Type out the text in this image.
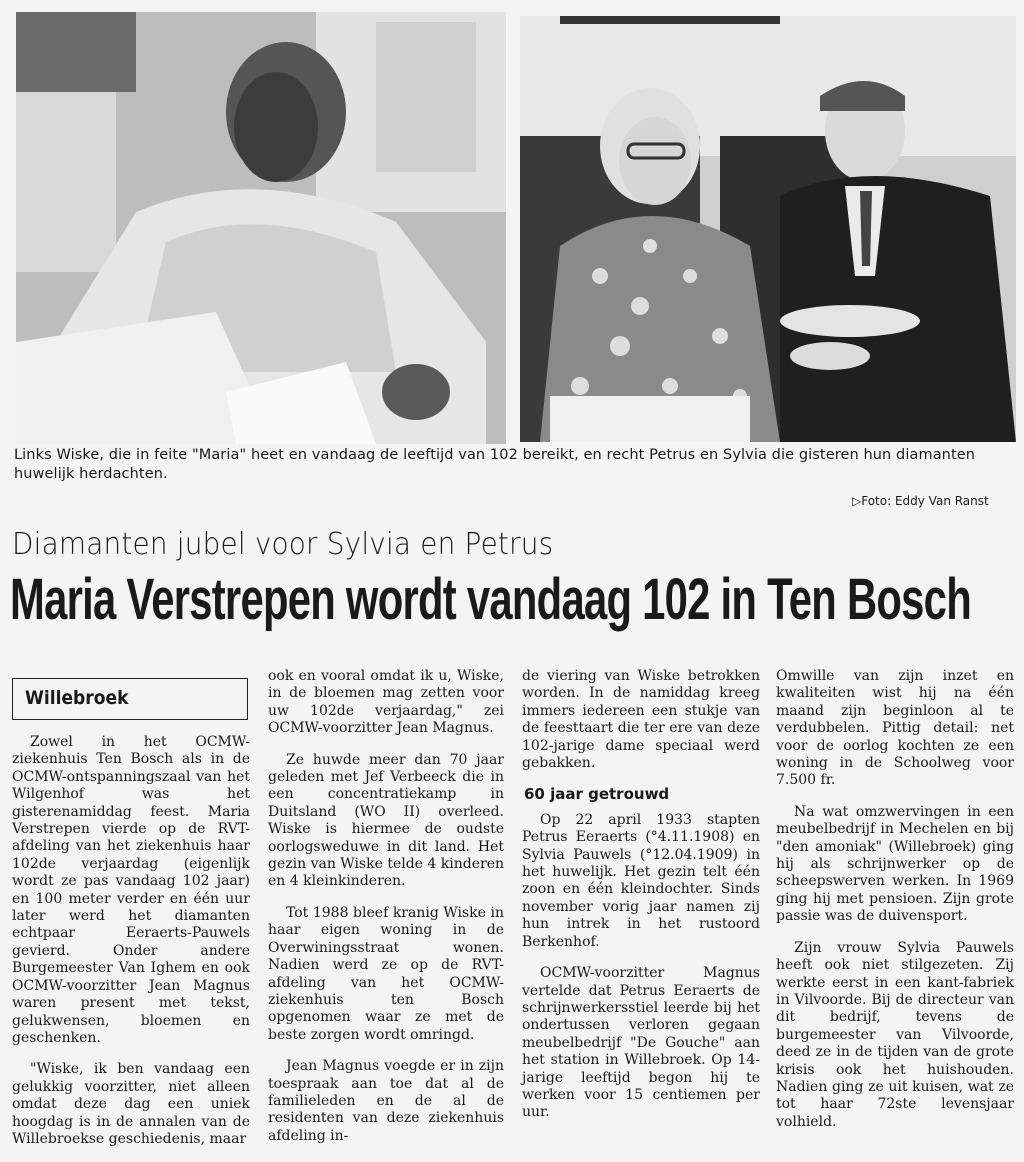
Links Wiske, die in feite "Maria" heet en vandaag de leeftijd van 102 bereikt, en recht Petrus en Sylvia die gisteren hun diamanten huwelijk herdachten.
▷Foto: Eddy Van Ranst
Diamanten jubel voor Sylvia en Petrus
Maria Verstrepen wordt vandaag 102 in Ten Bosch
Willebroek

Zowel in het OCMW-ziekenhuis Ten Bosch als in de OCMW-ontspanningszaal van het Wilgenhof was het gisterenamiddag feest. Maria Verstrepen vierde op de RVT-afdeling van het ziekenhuis haar 102de verjaardag (eigenlijk wordt ze pas vandaag 102 jaar) en 100 meter verder en één uur later werd het diamanten echtpaar Eeraerts-Pauwels gevierd. Onder andere Burgemeester Van Ighem en ook OCMW-voorzitter Jean Magnus waren present met tekst, gelukwensen, bloemen en geschenken.

"Wiske, ik ben vandaag een gelukkig voorzitter, niet alleen omdat deze dag een uniek hoogdag is in de annalen van de Willebroekse geschiedenis, maar

ook en vooral omdat ik u, Wiske, in de bloemen mag zetten voor uw 102de verjaardag," zei OCMW-voorzitter Jean Magnus.

Ze huwde meer dan 70 jaar geleden met Jef Verbeeck die in een concentratiekamp in Duitsland (WO II) overleed. Wiske is hiermee de oudste oorlogsweduwe in dit land. Het gezin van Wiske telde 4 kinderen en 4 kleinkinderen.

Tot 1988 bleef kranig Wiske in haar eigen woning in de Overwiningsstraat wonen. Nadien werd ze op de RVT-afdeling van het OCMW-ziekenhuis ten Bosch opgenomen waar ze met de beste zorgen wordt omringd.

Jean Magnus voegde er in zijn toespraak aan toe dat al de familieleden en de al de residenten van deze ziekenhuis afdeling in-

de viering van Wiske betrokken worden. In de namiddag kreeg immers iedereen een stukje van de feesttaart die ter ere van deze 102-jarige dame speciaal werd gebakken.

60 jaar getrouwd

Op 22 april 1933 stapten Petrus Eeraerts (°4.11.1908) en Sylvia Pauwels (°12.04.1909) in het huwelijk. Het gezin telt één zoon en één kleindochter. Sinds november vorig jaar namen zij hun intrek in het rustoord Berkenhof.

OCMW-voorzitter Magnus vertelde dat Petrus Eeraerts de schrijnwerkersstiel leerde bij het ondertussen verloren gegaan meubelbedrijf "De Gouche" aan het station in Willebroek. Op 14-jarige leeftijd begon hij te werken voor 15 centiemen per uur.

Omwille van zijn inzet en kwaliteiten wist hij na één maand zijn beginloon al te verdubbelen. Pittig detail: net voor de oorlog kochten ze een woning in de Schoolweg voor 7.500 fr.

Na wat omzwervingen in een meubelbedrijf in Mechelen en bij "den amoniak" (Willebroek) ging hij als schrijnwerker op de scheepswerven werken. In 1969 ging hij met pensioen. Zijn grote passie was de duivensport.

Zijn vrouw Sylvia Pauwels heeft ook niet stilgezeten. Zij werkte eerst in een kant-fabriek in Vilvoorde. Bij de directeur van dit bedrijf, tevens de burgemeester van Vilvoorde, deed ze in de tijden van de grote krisis ook het huishouden. Nadien ging ze uit kuisen, wat ze tot haar 72ste levensjaar volhield.
